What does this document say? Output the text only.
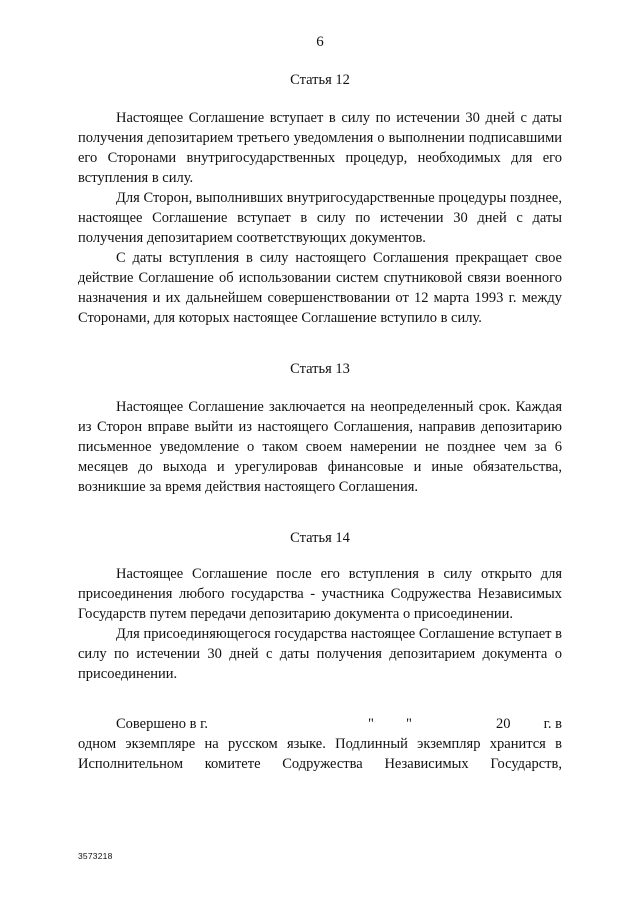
6

Статья 12

Настоящее Соглашение вступает в силу по истечении 30 дней с даты получения депозитарием третьего уведомления о выполнении подписавшими его Сторонами внутригосударственных процедур, необходимых для его вступления в силу.

Для Сторон, выполнивших внутригосударственные процедуры позднее, настоящее Соглашение вступает в силу по истечении 30 дней с даты получения депозитарием соответствующих документов.

С даты вступления в силу настоящего Соглашения прекращает свое действие Соглашение об использовании систем спутниковой связи военного назначения и их дальнейшем совершенствовании от 12 марта 1993 г. между Сторонами, для которых настоящее Соглашение вступило в силу.

Статья 13

Настоящее Соглашение заключается на неопределенный срок. Каждая из Сторон вправе выйти из настоящего Соглашения, направив депозитарию письменное уведомление о таком своем намерении не позднее чем за 6 месяцев до выхода и урегулировав финансовые и иные обязательства, возникшие за время действия настоящего Соглашения.

Статья 14

Настоящее Соглашение после его вступления в силу открыто для присоединения любого государства - участника Содружества Независимых Государств путем передачи депозитарию документа о присоединении.

Для присоединяющегося государства настоящее Соглашение вступает в силу по истечении 30 дней с даты получения депозитарием документа о присоединении.

Совершено в г.	" "	20 г. в

одном экземпляре на русском языке. Подлинный экземпляр хранится в Исполнительном комитете Содружества Независимых Государств,

3573218
